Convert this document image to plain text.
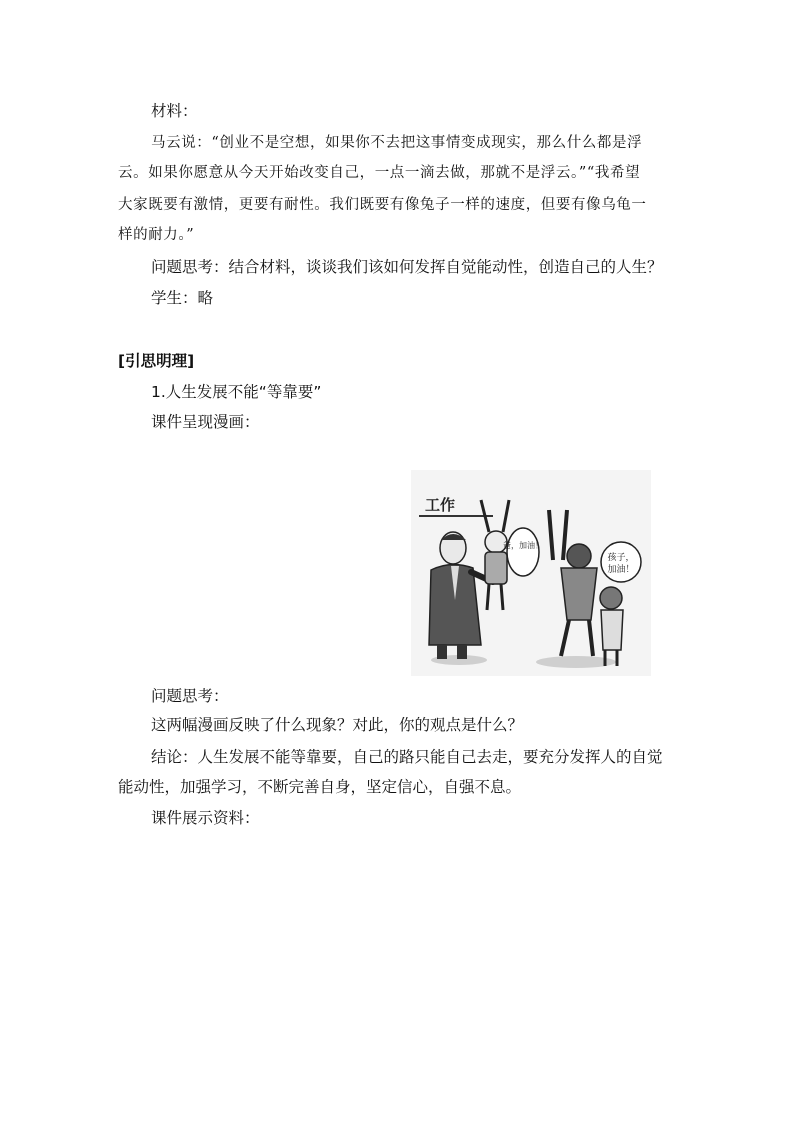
材料：
马云说：“创业不是空想，如果你不去把这事情变成现实，那么什么都是浮
云。如果你愿意从今天开始改变自己，一点一滴去做，那就不是浮云。”“我希望
大家既要有激情，更要有耐性。我们既要有像兔子一样的速度，但要有像乌龟一
样的耐力。”
问题思考：结合材料，谈谈我们该如何发挥自觉能动性，创造自己的人生？
学生：略
[引思明理]
1.人生发展不能“等靠要”
课件呈现漫画：
工作
爸，加油！
孩子，
加油！
问题思考：
这两幅漫画反映了什么现象？对此，你的观点是什么？
结论：人生发展不能等靠要，自己的路只能自己去走，要充分发挥人的自觉
能动性，加强学习，不断完善自身，坚定信心，自强不息。
课件展示资料：
